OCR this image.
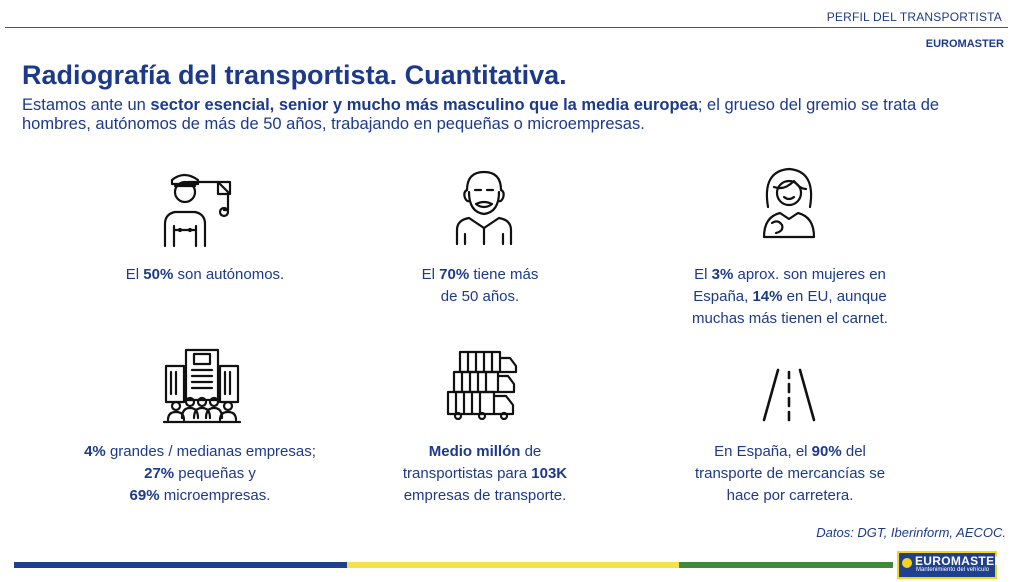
PERFIL DEL TRANSPORTISTA
EUROMASTER
Radiografía del transportista. Cuantitativa.
Estamos ante un sector esencial, senior y mucho más masculino que la media europea; el grueso del gremio se trata de hombres, autónomos de más de 50 años, trabajando en pequeñas o microempresas.
El 50% son autónomos.	El 70% tiene más
de 50 años.
El 3% aprox. son mujeres en
España, 14% en EU, aunque
muchas más tienen el carnet.
4% grandes / medianas empresas;
27% pequeñas y
69% microempresas.
Medio millón de
transportistas para 103K
empresas de transporte.
En España, el 90% del
transporte de mercancías se
hace por carretera.
Datos: DGT, Iberinform, AECOC.
EUROMASTER
Mantenimiento del vehículo
